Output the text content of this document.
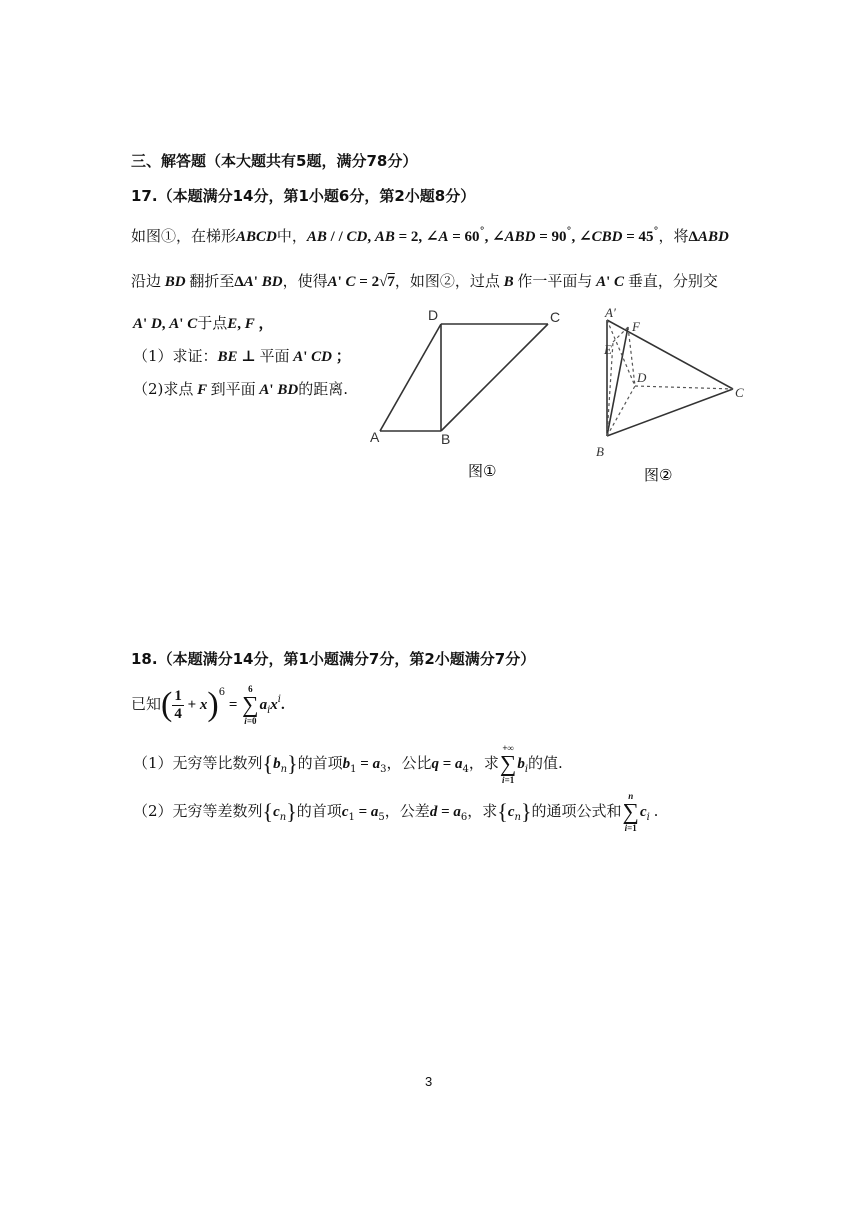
三、解答题（本大题共有5题，满分78分）
17.（本题满分14分，第1小题6分，第2小题8分）
如图①，在梯形ABCD中，AB / / CD, AB = 2, ∠A = 60°, ∠ABD = 90°, ∠CBD = 45°，将ΔABD
沿边 BD 翻折至ΔA' BD，使得A' C = 2√7，如图②，过点 B 作一平面与 A' C 垂直，分别交
A' D, A' C于点E, F ，
（1）求证：BE ⊥ 平面 A' CD ；
（2)求点 F 到平面 A' BD的距离.
A	B
D	C
图①
A′
F
E
D
C
B
图②
18.（本题满分14分，第1小题满分7分，第2小题满分7分）
已知( $\frac{1}{4} + x)^6$ =
6
∑
i=0
$a_ix^i$.
（1）无穷等比数列$\{b_n\}$的首项$b_1 = a_3$，公比$q = a_4$，求
+∞
∑
i=1
$b_i$的值.
（2）无穷等差数列$\{c_n\}$的首项$c_1 = a_5$，公差$d = a_6$，求$\{c_n\}$的通项公式和
n
∑
i=1
$c_i$ .
3
